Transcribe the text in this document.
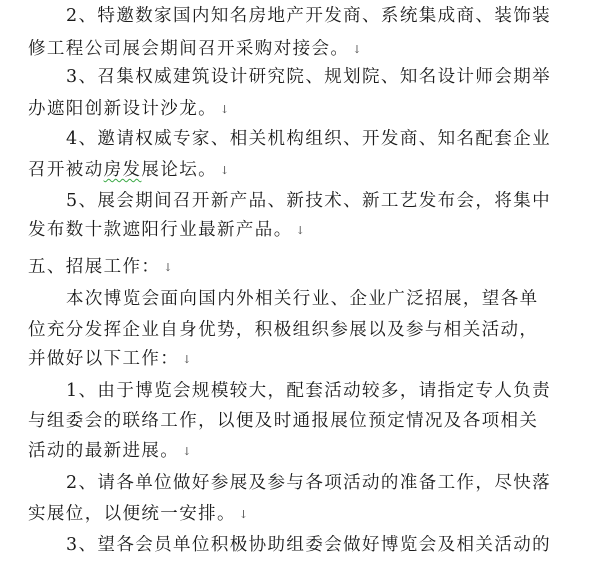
2、特邀数家国内知名房地产开发商、系统集成商、装饰装
修工程公司展会期间召开采购对接会。 ↓
3、召集权威建筑设计研究院、规划院、知名设计师会期举
办遮阳创新设计沙龙。 ↓
4、邀请权威专家、相关机构组织、开发商、知名配套企业
召开被动房发展论坛。 ↓
5、展会期间召开新产品、新技术、新工艺发布会，将集中
发布数十款遮阳行业最新产品。 ↓
五、招展工作： ↓
本次博览会面向国内外相关行业、企业广泛招展，望各单
位充分发挥企业自身优势，积极组织参展以及参与相关活动，
并做好以下工作： ↓
1、由于博览会规模较大，配套活动较多，请指定专人负责
与组委会的联络工作，以便及时通报展位预定情况及各项相关
活动的最新进展。 ↓
2、请各单位做好参展及参与各项活动的准备工作，尽快落
实展位，以便统一安排。 ↓
3、望各会员单位积极协助组委会做好博览会及相关活动的
